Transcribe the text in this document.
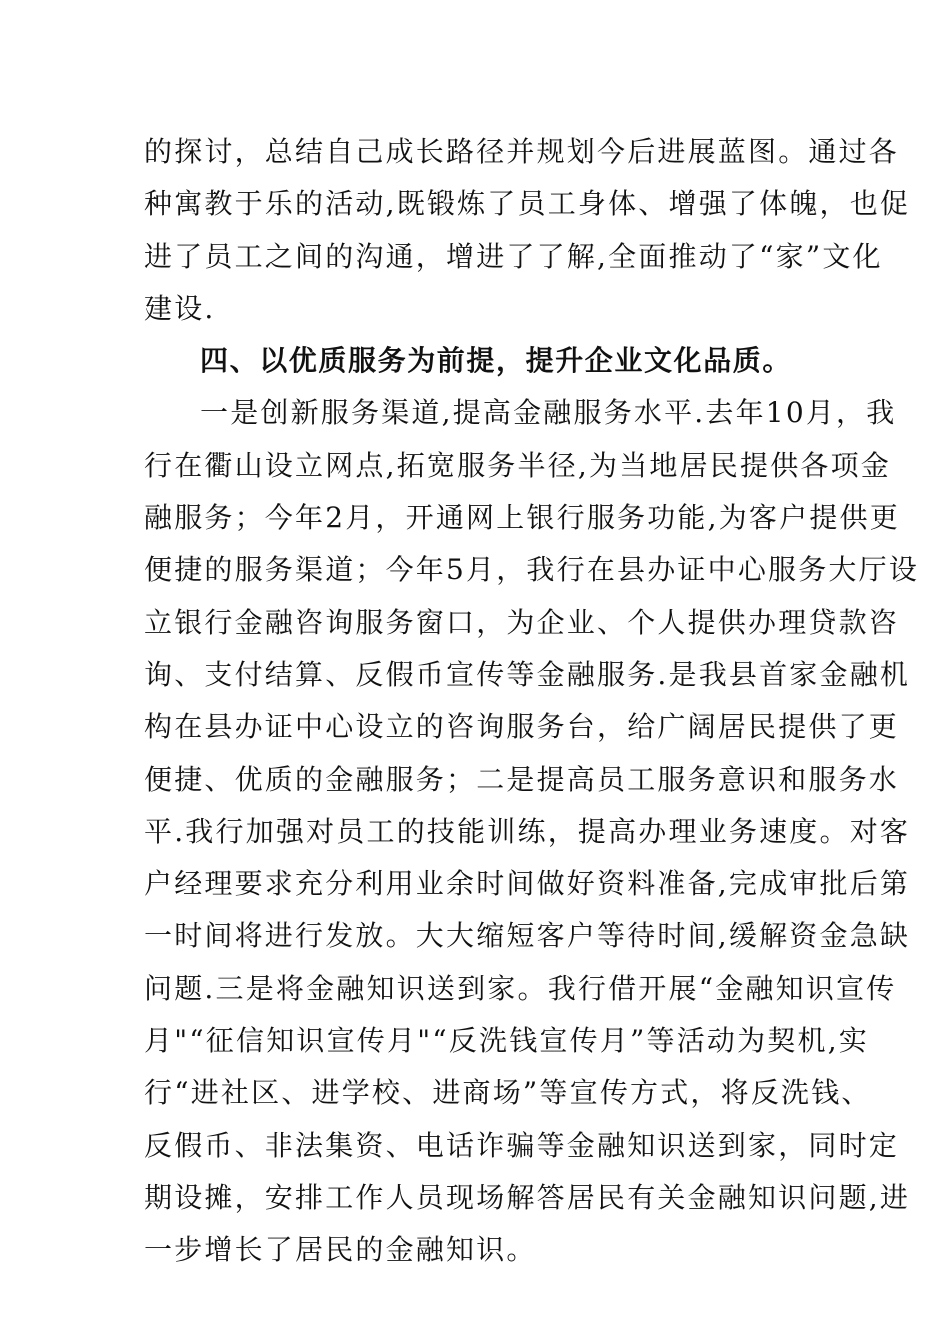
的探讨，总结自己成长路径并规划今后进展蓝图。通过各
种寓教于乐的活动,既锻炼了员工身体、增强了体魄，也促
进了员工之间的沟通，增进了了解,全面推动了“家”文化
建设.
四、以优质服务为前提，提升企业文化品质。
一是创新服务渠道,提高金融服务水平.去年10月，我
行在衢山设立网点,拓宽服务半径,为当地居民提供各项金
融服务；今年2月，开通网上银行服务功能,为客户提供更
便捷的服务渠道；今年5月，我行在县办证中心服务大厅设
立银行金融咨询服务窗口，为企业、个人提供办理贷款咨
询、支付结算、反假币宣传等金融服务.是我县首家金融机
构在县办证中心设立的咨询服务台，给广阔居民提供了更
便捷、优质的金融服务；二是提高员工服务意识和服务水
平.我行加强对员工的技能训练，提高办理业务速度。对客
户经理要求充分利用业余时间做好资料准备,完成审批后第
一时间将进行发放。大大缩短客户等待时间,缓解资金急缺
问题.三是将金融知识送到家。我行借开展“金融知识宣传
月"“征信知识宣传月"“反洗钱宣传月”等活动为契机,实
行“进社区、进学校、进商场”等宣传方式，将反洗钱、
反假币、非法集资、电话诈骗等金融知识送到家，同时定
期设摊，安排工作人员现场解答居民有关金融知识问题,进
一步增长了居民的金融知识。
